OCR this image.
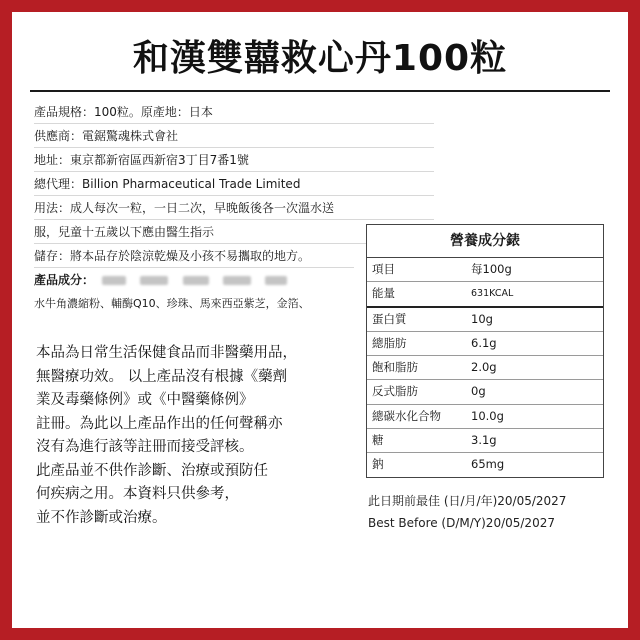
和漢雙囍救心丹100粒
產品規格：100粒。原產地：日本
供應商：電鋸驚魂株式會社
地址：東京都新宿區西新宿3丁目7番1號
總代理：Billion Pharmaceutical Trade Limited
用法：成人每次一粒，一日二次，早晚飯後各一次溫水送
服，兒童十五歲以下應由醫生指示
儲存：將本品存於陰涼乾燥及小孩不易攜取的地方。
產品成分：
水牛角濃縮粉、輔酶Q10、珍珠、馬來西亞紫芝，金箔、
本品為日常生活保健食品而非醫藥用品，
無醫療功效。 以上產品沒有根據《藥劑
業及毒藥條例》或《中醫藥條例》
註冊。為此以上產品作出的任何聲稱亦
沒有為進行該等註冊而接受評核。
此產品並不供作診斷、治療或預防任
何疾病之用。本資料只供參考，
並不作診斷或治療。
營養成分錶
項目	每100g
能量	631KCAL
蛋白質	10g
總脂肪	6.1g
飽和脂肪	2.0g
反式脂肪	0g
總碳水化合物	10.0g
糖	3.1g
鈉	65mg
此日期前最佳 (日/月/年)20/05/2027
Best Before (D/M/Y)20/05/2027
